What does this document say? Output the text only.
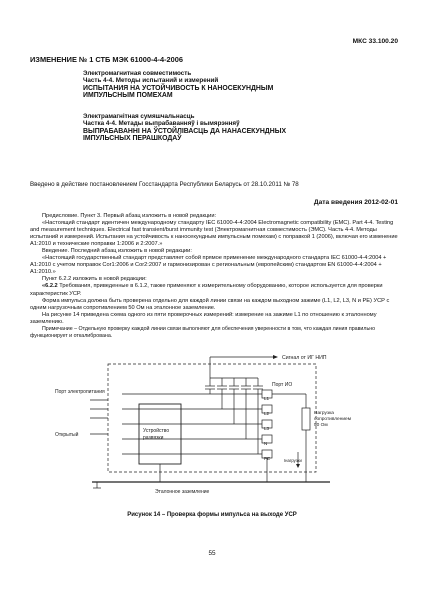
МКС 33.100.20
ИЗМЕНЕНИЕ № 1 СТБ МЭК 61000-4-4-2006
Электромагнитная совместимость
Часть 4-4. Методы испытаний и измерений
ИСПЫТАНИЯ НА УСТОЙЧИВОСТЬ К НАНОСЕКУНДНЫМ
ИМПУЛЬСНЫМ ПОМЕХАМ
Электрамагнітная сумяшчальнасць
Частка 4-4. Метады выпрабаванняў і вымярэнняў
ВЫПРАБАВАННІ НА ЎСТОЙЛІВАСЦЬ ДА НАНАСЕКУНДНЫХ
ІМПУЛЬСНЫХ ПЕРАШКОДАЎ
Введено в действие постановлением Госстандарта Республики Беларусь от 28.10.2011 № 78
Дата введения 2012-02-01

Предисловие. Пункт 3. Первый абзац изложить в новой редакции:

«Настоящий стандарт идентичен международному стандарту IEC 61000-4-4:2004 Electromagnetic compatibility (EMC). Part 4-4. Testing and measurement techniques. Electrical fast transient/burst immunity test (Электромагнитная совместимость (ЭМС). Часть 4-4. Методы испытаний и измерений. Испытания на устойчивость к наносекундным импульсным помехам) с поправкой 1 (2006), включая его изменение A1:2010 и технические поправки 1:2006 и 2:2007.»

Введение. Последний абзац изложить в новой редакции:

«Настоящий государственный стандарт представляет собой прямое применение международного стандарта IEC 61000-4-4:2004 + A1:2010 с учетом поправок Cor1:2006 и Cor2:2007 и гармонизирован с региональным (европейским) стандартом EN 61000-4-4:2004 + A1:2010.»

Пункт 6.2.2 изложить в новой редакции:

«6.2.2 Требования, приведенные в 6.1.2, также применяют к измерительному оборудованию, которое используется для проверки характеристик УСР.

Форма импульса должна быть проверена отдельно для каждой линии связи на каждом выходном зажиме (L1, L2, L3, N и PE) УСР с одним нагрузочным сопротивлением 50 Ом на эталонное заземление.

На рисунке 14 приведена схема одного из пяти проверочных измерений: измерение на зажиме L1 по отношению к эталонному заземлению.

Примечание – Отдельную проверку каждой линии связи выполняют для обеспечения уверенности в том, что каждая линия правильно функционирует и откалибрована.

Сигнал от ИГ НИП
Порт электропитания
Открытый
Устройство
развязки
Порт ИО
L1
L2
L3
N
PE
Нагрузка
сопротивлением
50 Ом
Iнагрузки
Эталонное заземление
Рисунок 14 – Проверка формы импульса на выходе УСР
55
